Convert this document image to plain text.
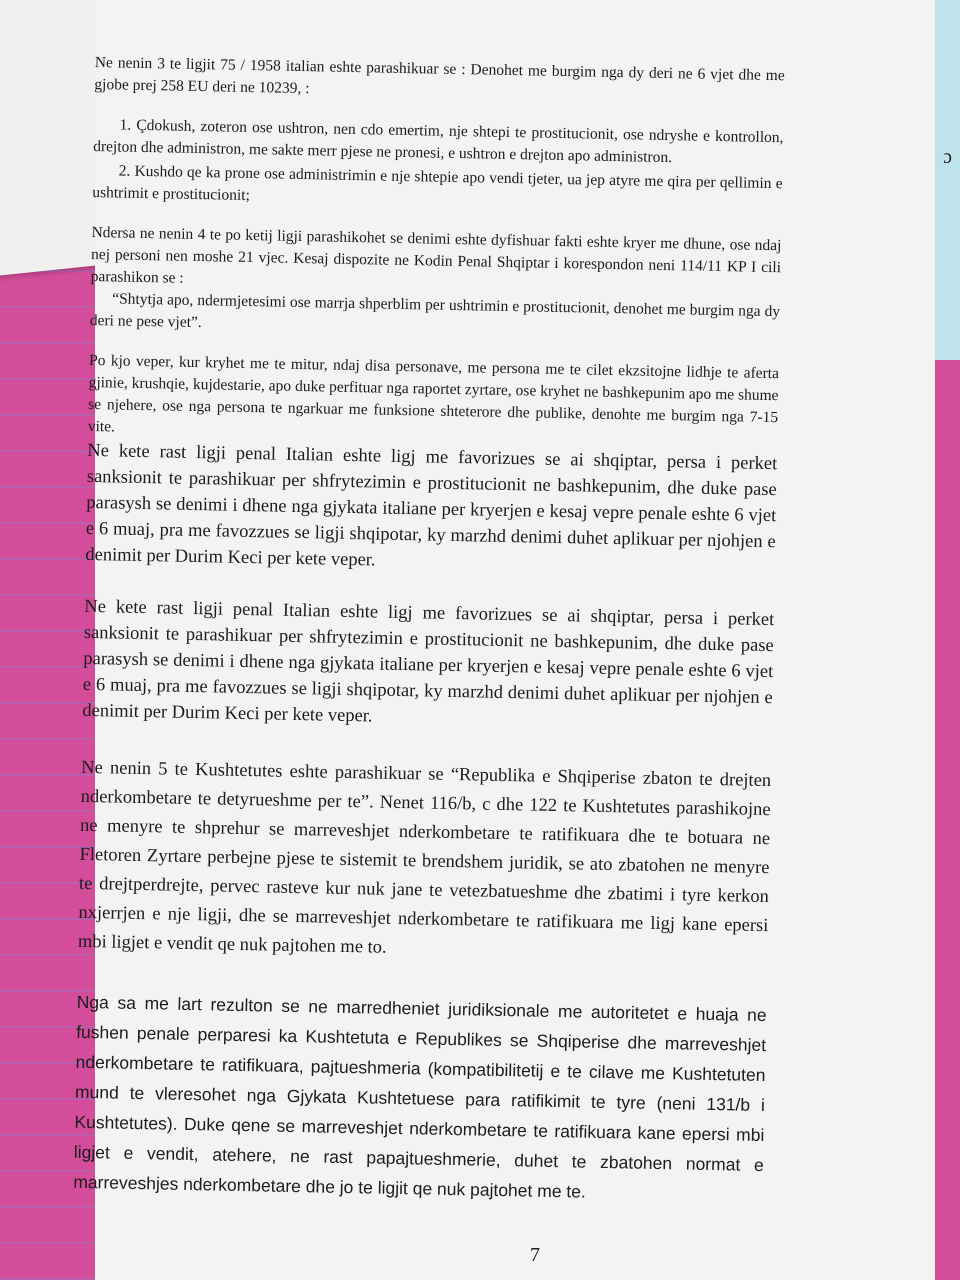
ɔ

Ne nenin 3 te ligjit 75 / 1958 italian eshte parashikuar se : Denohet me burgim nga dy deri ne 6 vjet dhe me gjobe prej 258 EU deri ne 10239, :

1. Çdokush, zoteron ose ushtron, nen cdo emertim, nje shtepi te prostitucionit, ose ndryshe e kontrollon, drejton dhe administron, me sakte merr pjese ne pronesi, e ushtron e drejton apo administron.

2. Kushdo qe ka prone ose administrimin e nje shtepie apo vendi tjeter, ua jep atyre me qira per qellimin e ushtrimit e prostitucionit;

Ndersa ne nenin 4 te po ketij ligji parashikohet se denimi eshte dyfishuar fakti eshte kryer me dhune, ose ndaj nej personi nen moshe 21 vjec. Kesaj dispozite ne Kodin Penal Shqiptar i korespondon neni 114/11 KP I cili parashikon se :

“Shtytja apo, ndermjetesimi ose marrja shperblim per ushtrimin e prostitucionit, denohet me burgim nga dy deri ne pese vjet”.

Po kjo veper, kur kryhet me te mitur, ndaj disa personave, me persona me te cilet ekzsitojne lidhje te aferta gjinie, krushqie, kujdestarie, apo duke perfituar nga raportet zyrtare, ose kryhet ne bashkepunim apo me shume se njehere, ose nga persona te ngarkuar me funksione shteterore dhe publike, denohte me burgim nga 7-15 vite.

Ne kete rast ligji penal Italian eshte ligj me favorizues se ai shqiptar, persa i perket sanksionit te parashikuar per shfrytezimin e prostitucionit ne bashkepunim, dhe duke pase parasysh se denimi i dhene nga gjykata italiane per kryerjen e kesaj vepre penale eshte 6 vjet e 6 muaj, pra me favozzues se ligji shqipotar, ky marzhd denimi duhet aplikuar per njohjen e denimit per Durim Keci per kete veper.

Ne kete rast ligji penal Italian eshte ligj me favorizues se ai shqiptar, persa i perket sanksionit te parashikuar per shfrytezimin e prostitucionit ne bashkepunim, dhe duke pase parasysh se denimi i dhene nga gjykata italiane per kryerjen e kesaj vepre penale eshte 6 vjet e 6 muaj, pra me favozzues se ligji shqipotar, ky marzhd denimi duhet aplikuar per njohjen e denimit per Durim Keci per kete veper.

Ne nenin 5 te Kushtetutes eshte parashikuar se “Republika e Shqiperise zbaton te drejten nderkombetare te detyrueshme per te”. Nenet 116/b, c dhe 122 te Kushtetutes parashikojne ne menyre te shprehur se marreveshjet nderkombetare te ratifikuara dhe te botuara ne Fletoren Zyrtare perbejne pjese te sistemit te brendshem juridik, se ato zbatohen ne menyre te drejtperdrejte, pervec rasteve kur nuk jane te vetezbatueshme dhe zbatimi i tyre kerkon nxjerrjen e nje ligji, dhe se marreveshjet nderkombetare te ratifikuara me ligj kane epersi mbi ligjet e vendit qe nuk pajtohen me to.

Nga sa me lart rezulton se ne marredheniet juridiksionale me autoritetet e huaja ne fushen penale perparesi ka Kushtetuta e Republikes se Shqiperise dhe marreveshjet nderkombetare te ratifikuara, pajtueshmeria (kompatibilitetij e te cilave me Kushtetuten mund te vleresohet nga Gjykata Kushtetuese para ratifikimit te tyre (neni 131/b i Kushtetutes). Duke qene se marreveshjet nderkombetare te ratifikuara kane epersi mbi ligjet e vendit, atehere, ne rast papajtueshmerie, duhet te zbatohen normat e marreveshjes nderkombetare dhe jo te ligjit qe nuk pajtohet me te.

7
